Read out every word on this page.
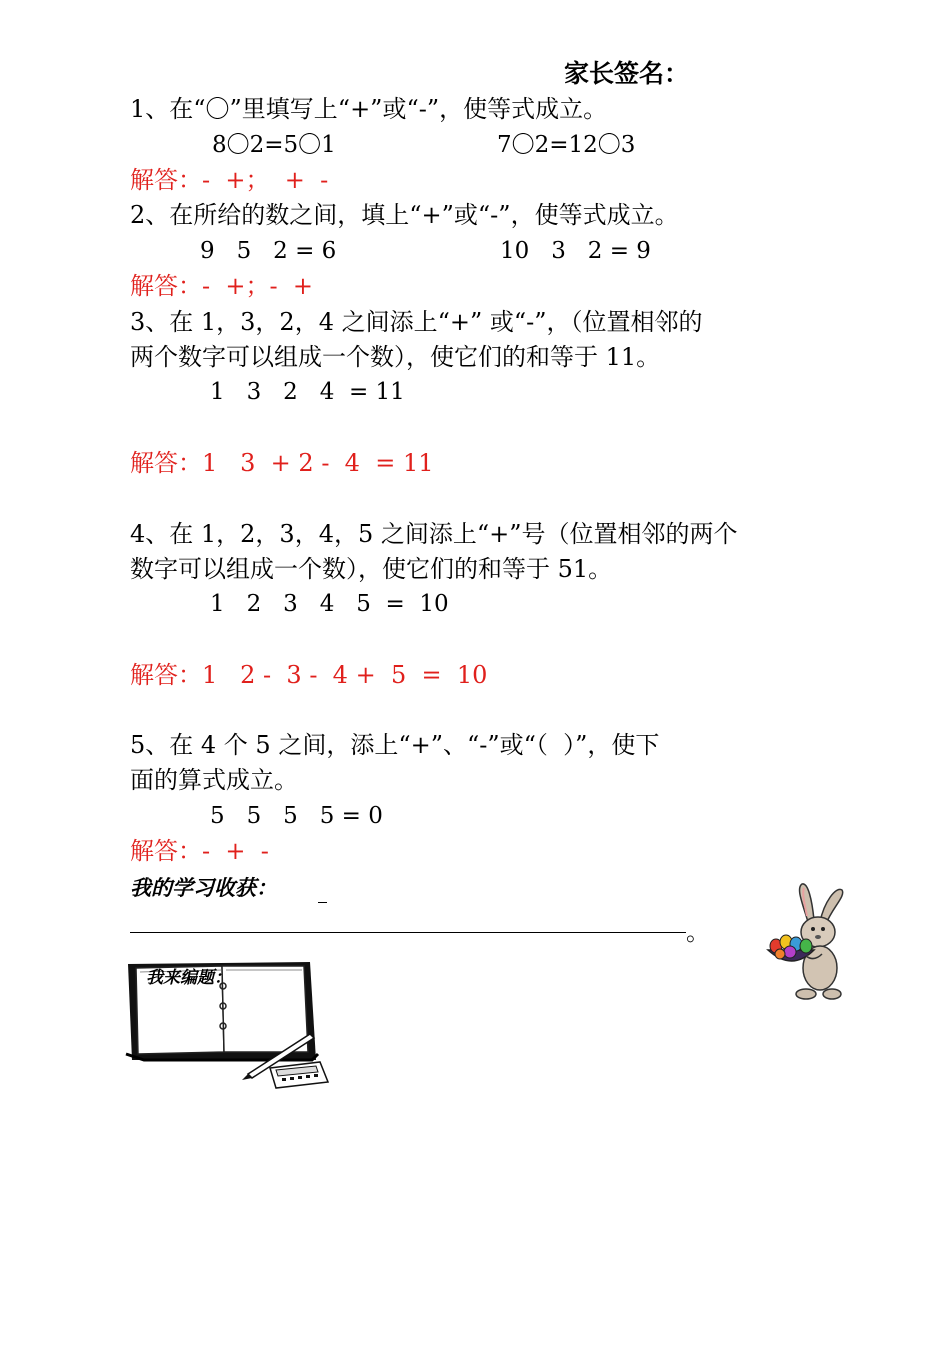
家长签名：
1、在“〇”里填写上“+”或“-”，使等式成立。
8〇2=5〇1	7〇2=12〇3
解答：-  +；  +  -
2、在所给的数之间，填上“+”或“-”，使等式成立。
9   5   2 = 6	10   3   2 = 9
解答：-  +；-  +
3、在 1，3，2，4 之间添上“+” 或“-”，（位置相邻的
两个数字可以组成一个数），使它们的和等于 11。
1   3   2   4  = 11
解答：1   3  + 2 -  4  = 11
4、在 1，2，3，4，5 之间添上“+”号（位置相邻的两个
数字可以组成一个数），使它们的和等于 51。
1   2   3   4   5  =  10
解答：1   2 -  3 -  4 +  5  =  10
5、在 4 个 5 之间，添上“+”、“-”或“（  ）”，使下
面的算式成立。
5   5   5   5 = 0
解答：-  +  -
我的学习收获：
。
我来编题：
